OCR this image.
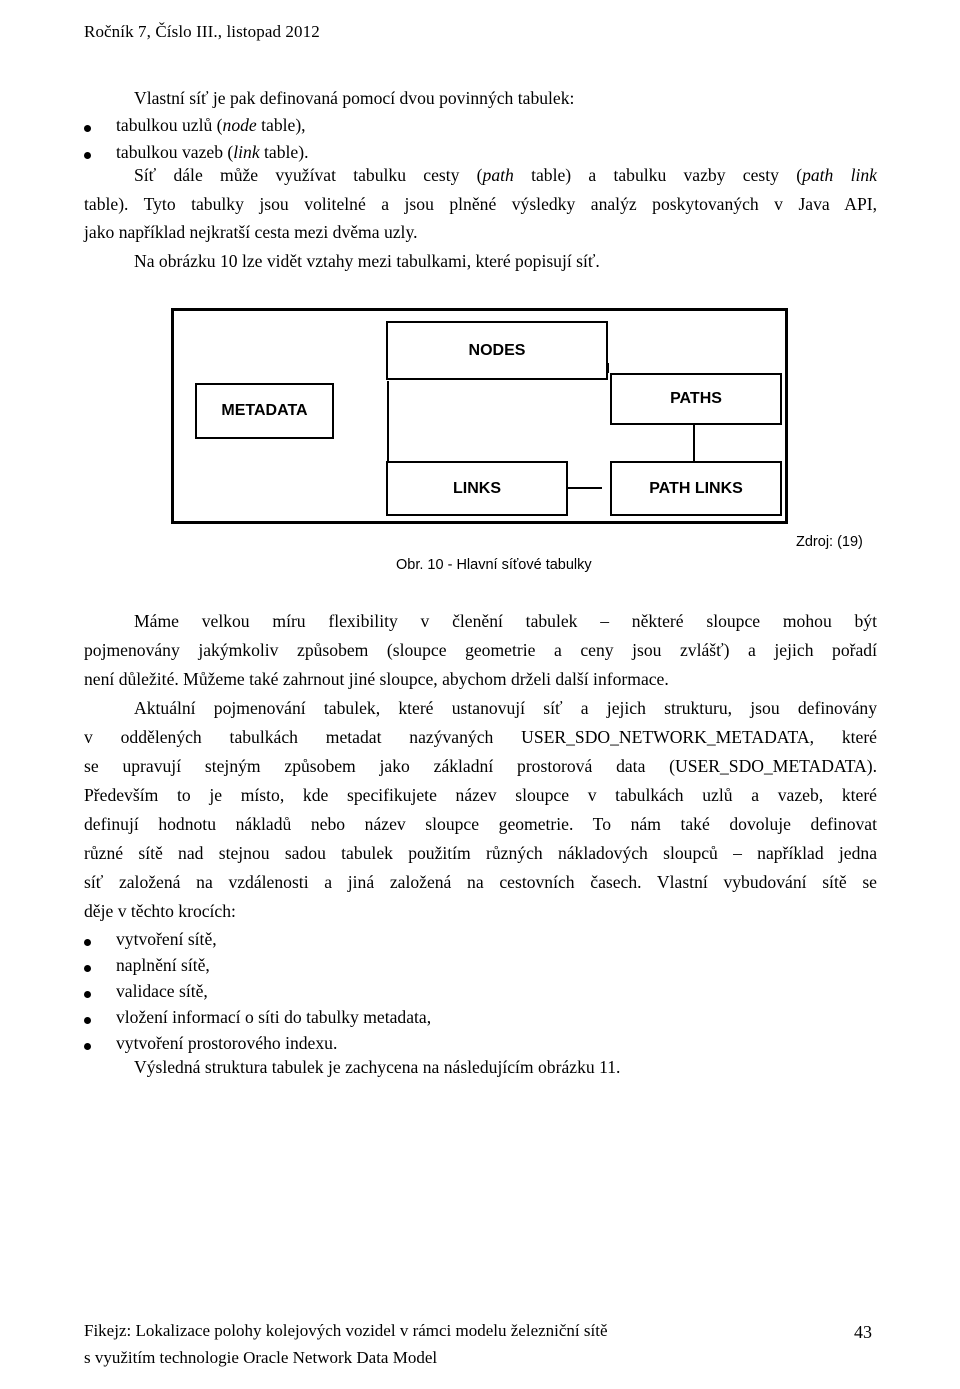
Ročník 7, Číslo III., listopad 2012
Vlastní síť je pak definovaná pomocí dvou povinných tabulek:
tabulkou uzlů (node table),
tabulkou vazeb (link table).
Síť dále může využívat tabulku cesty (path table) a tabulku vazby cesty (path link
table). Tyto tabulky jsou volitelné a jsou plněné výsledky analýz poskytovaných v Java API,
jako například nejkratší cesta mezi dvěma uzly.
Na obrázku 10 lze vidět vztahy mezi tabulkami, které popisují síť.
NODES
METADATA
PATHS
LINKS	PATH LINKS
Zdroj: (19)
Obr. 10 - Hlavní síťové tabulky
Máme velkou míru flexibility v členění tabulek – některé sloupce mohou být
pojmenovány jakýmkoliv způsobem (sloupce geometrie a ceny jsou zvlášť) a jejich pořadí
není důležité. Můžeme také zahrnout jiné sloupce, abychom drželi další informace.
Aktuální pojmenování tabulek, které ustanovují síť a jejich strukturu, jsou definovány
v oddělených tabulkách metadat nazývaných USER_SDO_NETWORK_METADATA, které
se upravují stejným způsobem jako základní prostorová data (USER_SDO_METADATA).
Především to je místo, kde specifikujete název sloupce v tabulkách uzlů a vazeb, které
definují hodnotu nákladů nebo název sloupce geometrie. To nám také dovoluje definovat
různé sítě nad stejnou sadou tabulek použitím různých nákladových sloupců – například jedna
síť založená na vzdálenosti a jiná založená na cestovních časech. Vlastní vybudování sítě se
děje v těchto krocích:
vytvoření sítě,
naplnění sítě,
validace sítě,
vložení informací o síti do tabulky metadata,
vytvoření prostorového indexu.
Výsledná struktura tabulek je zachycena na následujícím obrázku 11.
Fikejz: Lokalizace polohy kolejových vozidel v rámci modelu železniční sítě
s využitím technologie Oracle Network Data Model
43
